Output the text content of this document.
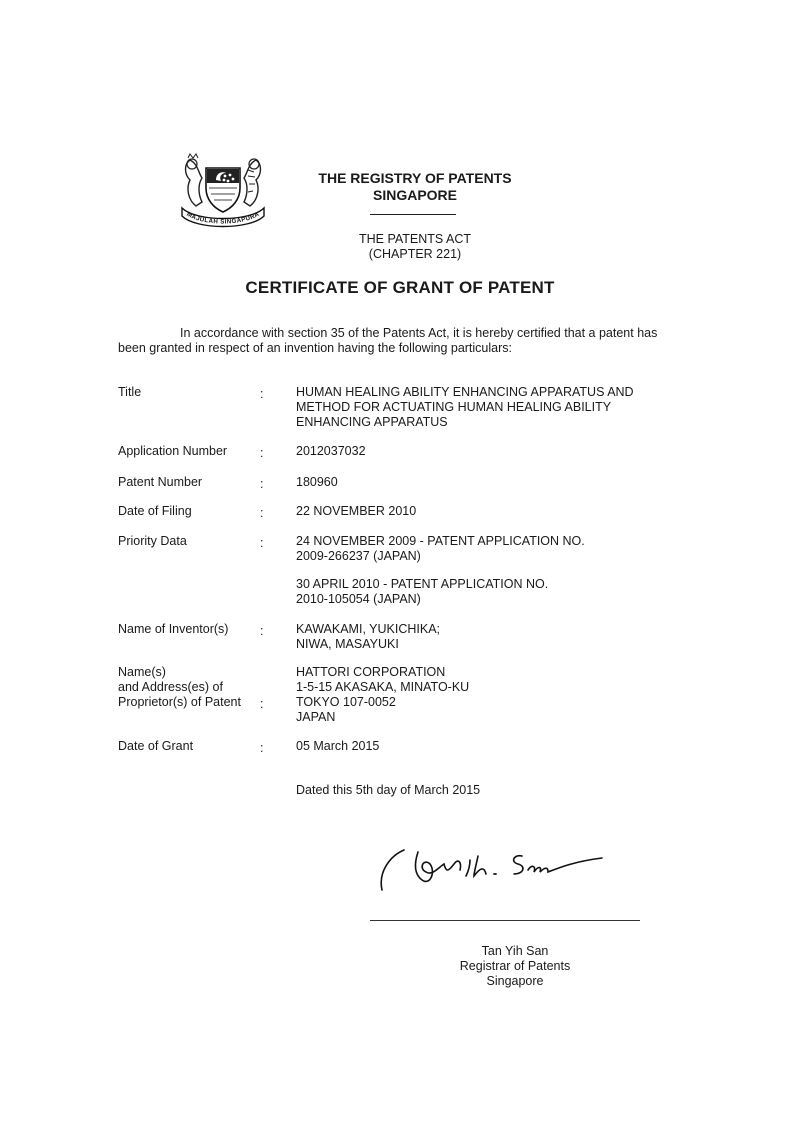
MAJULAH SINGAPURA
THE REGISTRY OF PATENTS
SINGAPORE
THE PATENTS ACT
(CHAPTER 221)
CERTIFICATE OF GRANT OF PATENT
In accordance with section 35 of the Patents Act, it is hereby certified that a patent has
been granted in respect of an invention having the following particulars:
Title	:	HUMAN HEALING ABILITY ENHANCING APPARATUS AND
METHOD FOR ACTUATING HUMAN HEALING ABILITY
ENHANCING APPARATUS
Application Number	:	2012037032
Patent Number	:	180960
Date of Filing	:	22 NOVEMBER 2010
Priority Data	:	24 NOVEMBER 2009 - PATENT APPLICATION NO.
2009-266237 (JAPAN)
30 APRIL 2010 - PATENT APPLICATION NO.
2010-105054 (JAPAN)
Name of Inventor(s)	:	KAWAKAMI, YUKICHIKA;
NIWA, MASAYUKI
Name(s)
and Address(es) of
Proprietor(s) of Patent	:
HATTORI CORPORATION
1-5-15 AKASAKA, MINATO-KU
TOKYO 107-0052
JAPAN
Date of Grant	:	05 March 2015
Dated this 5th day of March 2015
Tan Yih San
Registrar of Patents
Singapore
